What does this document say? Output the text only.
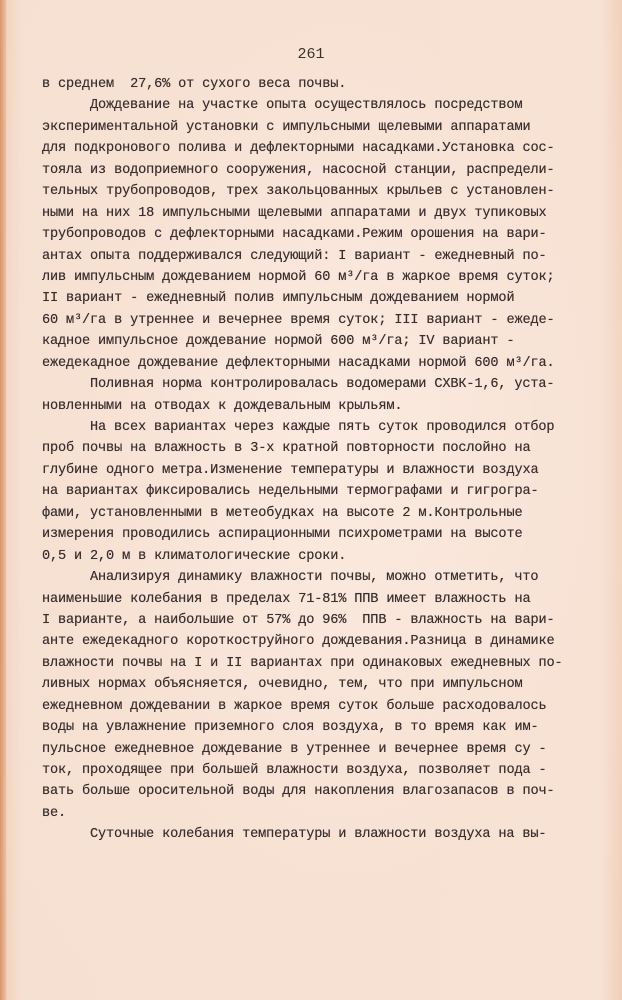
261
в среднем  27,6% от сухого веса почвы.
Дождевание на участке опыта осуществлялось посредством
экспериментальной установки с импульсными щелевыми аппаратами
для подкронового полива и дефлекторными насадками.Установка сос-
тояла из водоприемного сооружения, насосной станции, распредели-
тельных трубопроводов, трех закольцованных крыльев с установлен-
ными на них 18 импульсными щелевыми аппаратами и двух тупиковых
трубопроводов с дефлекторными насадками.Режим орошения на вари-
антах опыта поддерживался следующий: I вариант - ежедневный по-
лив импульсным дождеванием нормой 60 м³/га в жаркое время суток;
II вариант - ежедневный полив импульсным дождеванием нормой
60 м³/га в утреннее и вечернее время суток; III вариант - ежеде-
кадное импульсное дождевание нормой 600 м³/га; IV вариант -
ежедекадное дождевание дефлекторными насадками нормой 600 м³/га.
Поливная норма контролировалась водомерами СХВК-1,6, уста-
новленными на отводах к дождевальным крыльям.
На всех вариантах через каждые пять суток проводился отбор
проб почвы на влажность в 3-х кратной повторности послойно на
глубине одного метра.Изменение температуры и влажности воздуха
на вариантах фиксировались недельными термографами и гигрогра-
фами, установленными в метеобудках на высоте 2 м.Контрольные
измерения проводились аспирационными психрометрами на высоте
0,5 и 2,0 м в климатологические сроки.
Анализируя динамику влажности почвы, можно отметить, что
наименьшие колебания в пределах 71-81% ППВ имеет влажность на
I варианте, а наибольшие от 57% до 96%  ППВ - влажность на вари-
анте ежедекадного короткоструйного дождевания.Разница в динамике
влажности почвы на I и II вариантах при одинаковых ежедневных по-
ливных нормах объясняется, очевидно, тем, что при импульсном
ежедневном дождевании в жаркое время суток больше расходовалось
воды на увлажнение приземного слоя воздуха, в то время как им-
пульсное ежедневное дождевание в утреннее и вечернее время су -
ток, проходящее при большей влажности воздуха, позволяет пода -
вать больше оросительной воды для накопления влагозапасов в поч-
ве.
Суточные колебания температуры и влажности воздуха на вы-
